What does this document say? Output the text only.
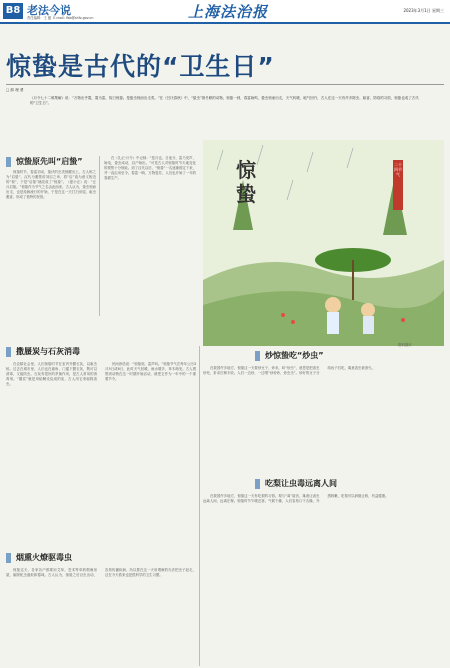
B8 老法今说
责任编辑：王 蕴 E-mail: lfsb@shfz.gov.cn	上海法治报	2023年3月1日 星期三
惊蛰是古代的“卫生日”
□ 薛 理 勇
《月令七十二候集解》说：“万物出乎震，震为雷，故曰惊蛰。是蛰虫惊而出走矣。”在《吕氏春秋》中，“蛰虫”指冬眠的动物。惊蛰一到，春雷始鸣，蛰虫惊而出走，天气转暖，地气回升，古人在这一天有许多除虫、驱害、防疫的习俗，惊蛰也成了古代的“卫生日”。
惊蛰原先叫“启蛰”

惊蛰时节，春雷初动，蛰伏的虫类惊醒出土，古人称之为“启蛰”。汉代为避景帝刘启之讳，将“启”改为意义相近的“惊”，于是“启蛰”就改成了“惊蛰”。《夏小正》说：“正月启蛰。”惊蛰作为节气之名由此而来。古人认为，蛰虫惊而出走，也是疫病流行的开始，于是在这一天打扫房屋，驱虫避害，形成了独特的民俗。

在《礼记·月令》中记载：“是月也，日夜分，雷乃发声，始电，蛰虫咸动，启户始出。”可见古人对惊蛰时节天地变化的观察十分细致。到了汉代以后，“惊蛰”一名逐渐固定下来，并一直沿用至今。春雷一响，万物复苏，人们也开始了一年的春耕生产。	惊蛰
二十四节气
资料图片
撒蜃炭与石灰消毒

在农耕社会里，人们惊蛰时节在室内外撒石灰，以驱虫蚁。过去在城市里，人们也在墙角、门槛下撒石灰，既可以消毒，又能防虫。石灰有很好的杀菌作用，是古人常用的消毒剂。“蜃炭”就是用蛤蜊壳烧成的灰，古人用它来驱除害虫。

民间谚语说：“惊蛰到，雷声叫。”惊蛰节气在每年公历3月5日或6日，此时天气回暖，雨水增多，草木萌发。古人观察到动物在这一时期开始活动，就把它作为一年中的一个重要节令。

炒惊蛰吃“炒虫”

在我国许多地方，惊蛰这一天要炒豆子、炒米，叫“炒虫”，意思是把害虫炒死，祈求庄稼丰收。人们一边炒，一边唱“炒炒炒，炒虫虫”。炒好的豆子分给孩子们吃，寓意害虫被消灭。

烟熏火燎驱毒虫

惊蛰这天，各家各户都要用艾草、苍术等草药烟熏房屋，驱除蛇虫鼠蚁和霉味。古人认为，惊蛰之后百虫出动，容易传播疾病，所以要在这一天用烟熏的办法把虫子赶走，这在今天看来也是很科学的卫生习惯。

吃梨让虫毒远离人间

在我国许多地方，惊蛰这一天有吃梨的习俗。梨与“离”谐音，寓意让害虫远离人间，远离庄稼。惊蛰时节乍暖还寒，气候干燥，人们容易口干舌燥、外感咳嗽，吃梨可以润肺止咳，有益健康。
